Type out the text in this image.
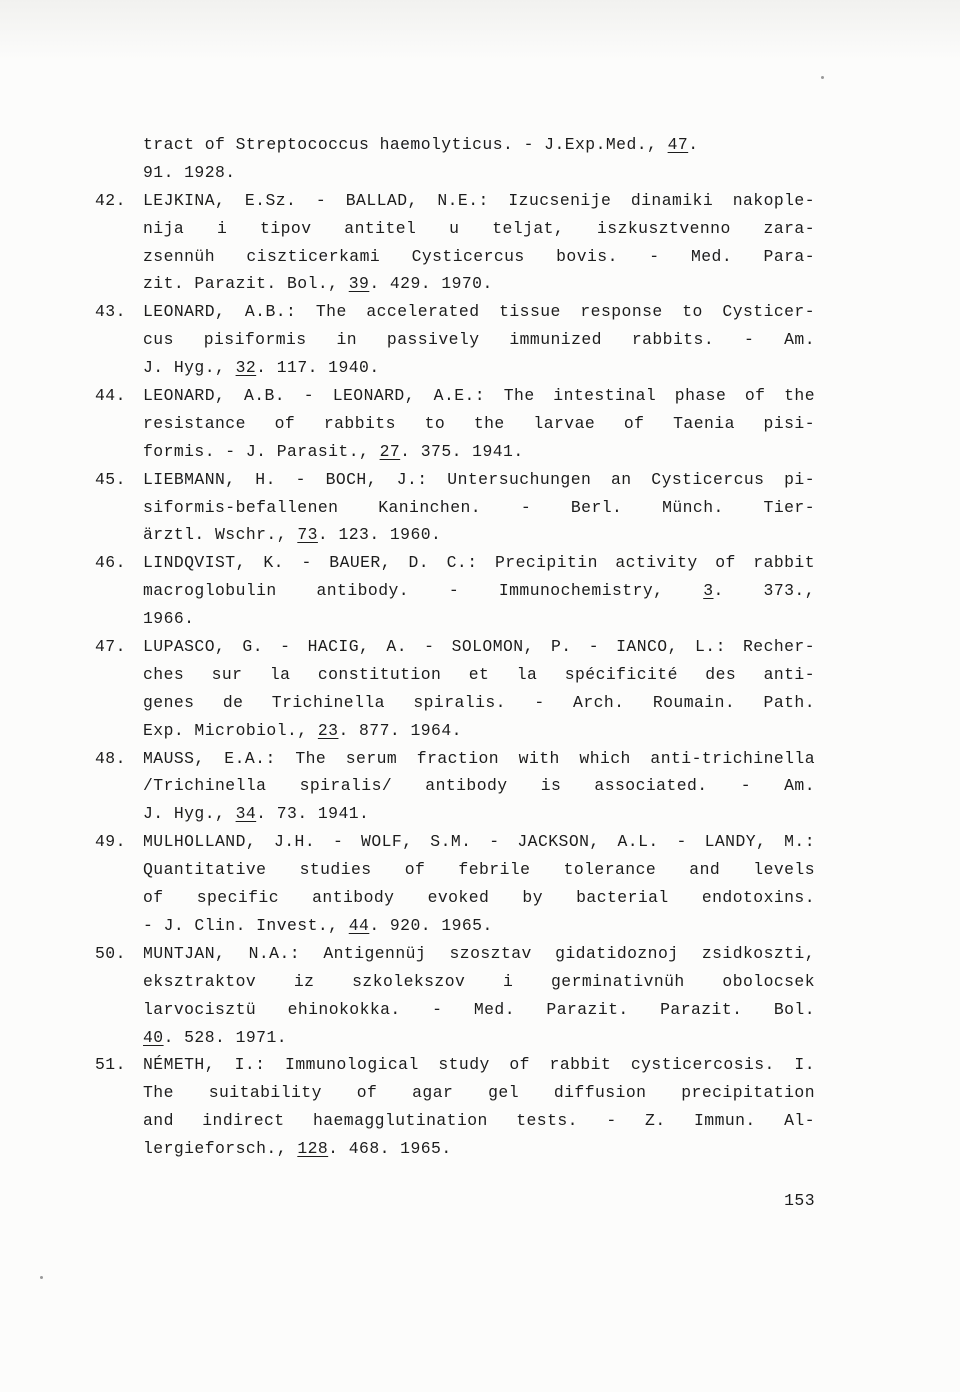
tract of Streptococcus haemolyticus. - J.Exp.Med., 47.
91. 1928.
42.	LEJKINA, E.Sz. - BALLAD, N.E.: Izucsenije dinamiki nakople-
nija i tipov antitel u teljat, iszkusztvenno zara-
zsennüh ciszticerkami Cysticercus bovis. - Med. Para-
zit. Parazit. Bol., 39. 429. 1970.
43.	LEONARD, A.B.: The accelerated tissue response to Cysticer-
cus pisiformis in passively immunized rabbits. - Am.
J. Hyg., 32. 117. 1940.
44.	LEONARD, A.B. - LEONARD, A.E.: The intestinal phase of the
resistance of rabbits to the larvae of Taenia pisi-
formis. - J. Parasit., 27. 375. 1941.
45.	LIEBMANN, H. - BOCH, J.: Untersuchungen an Cysticercus pi-
siformis-befallenen Kaninchen. - Berl. Münch. Tier-
ärztl. Wschr., 73. 123. 1960.
46.	LINDQVIST, K. - BAUER, D. C.: Precipitin activity of rabbit
macroglobulin antibody. - Immunochemistry, 3. 373.,
1966.
47.	LUPASCO, G. - HACIG, A. - SOLOMON, P. - IANCO, L.: Recher-
ches sur la constitution et la spécificité des anti-
genes de Trichinella spiralis. - Arch. Roumain. Path.
Exp. Microbiol., 23. 877. 1964.
48.	MAUSS, E.A.: The serum fraction with which anti-trichinella
/Trichinella spiralis/ antibody is associated. - Am.
J. Hyg., 34. 73. 1941.
49.	MULHOLLAND, J.H. - WOLF, S.M. - JACKSON, A.L. - LANDY, M.:
Quantitative studies of febrile tolerance and levels
of specific antibody evoked by bacterial endotoxins.
- J. Clin. Invest., 44. 920. 1965.
50.	MUNTJAN, N.A.: Antigennüj szosztav gidatidoznoj zsidkoszti,
eksztraktov iz szkolekszov i germinativnüh obolocsek
larvocisztü ehinokokka. - Med. Parazit. Parazit. Bol.
40. 528. 1971.
51.	NÉMETH, I.: Immunological study of rabbit cysticercosis. I.
The suitability of agar gel diffusion precipitation
and indirect haemagglutination tests. - Z. Immun. Al-
lergieforsch., 128. 468. 1965.
153
